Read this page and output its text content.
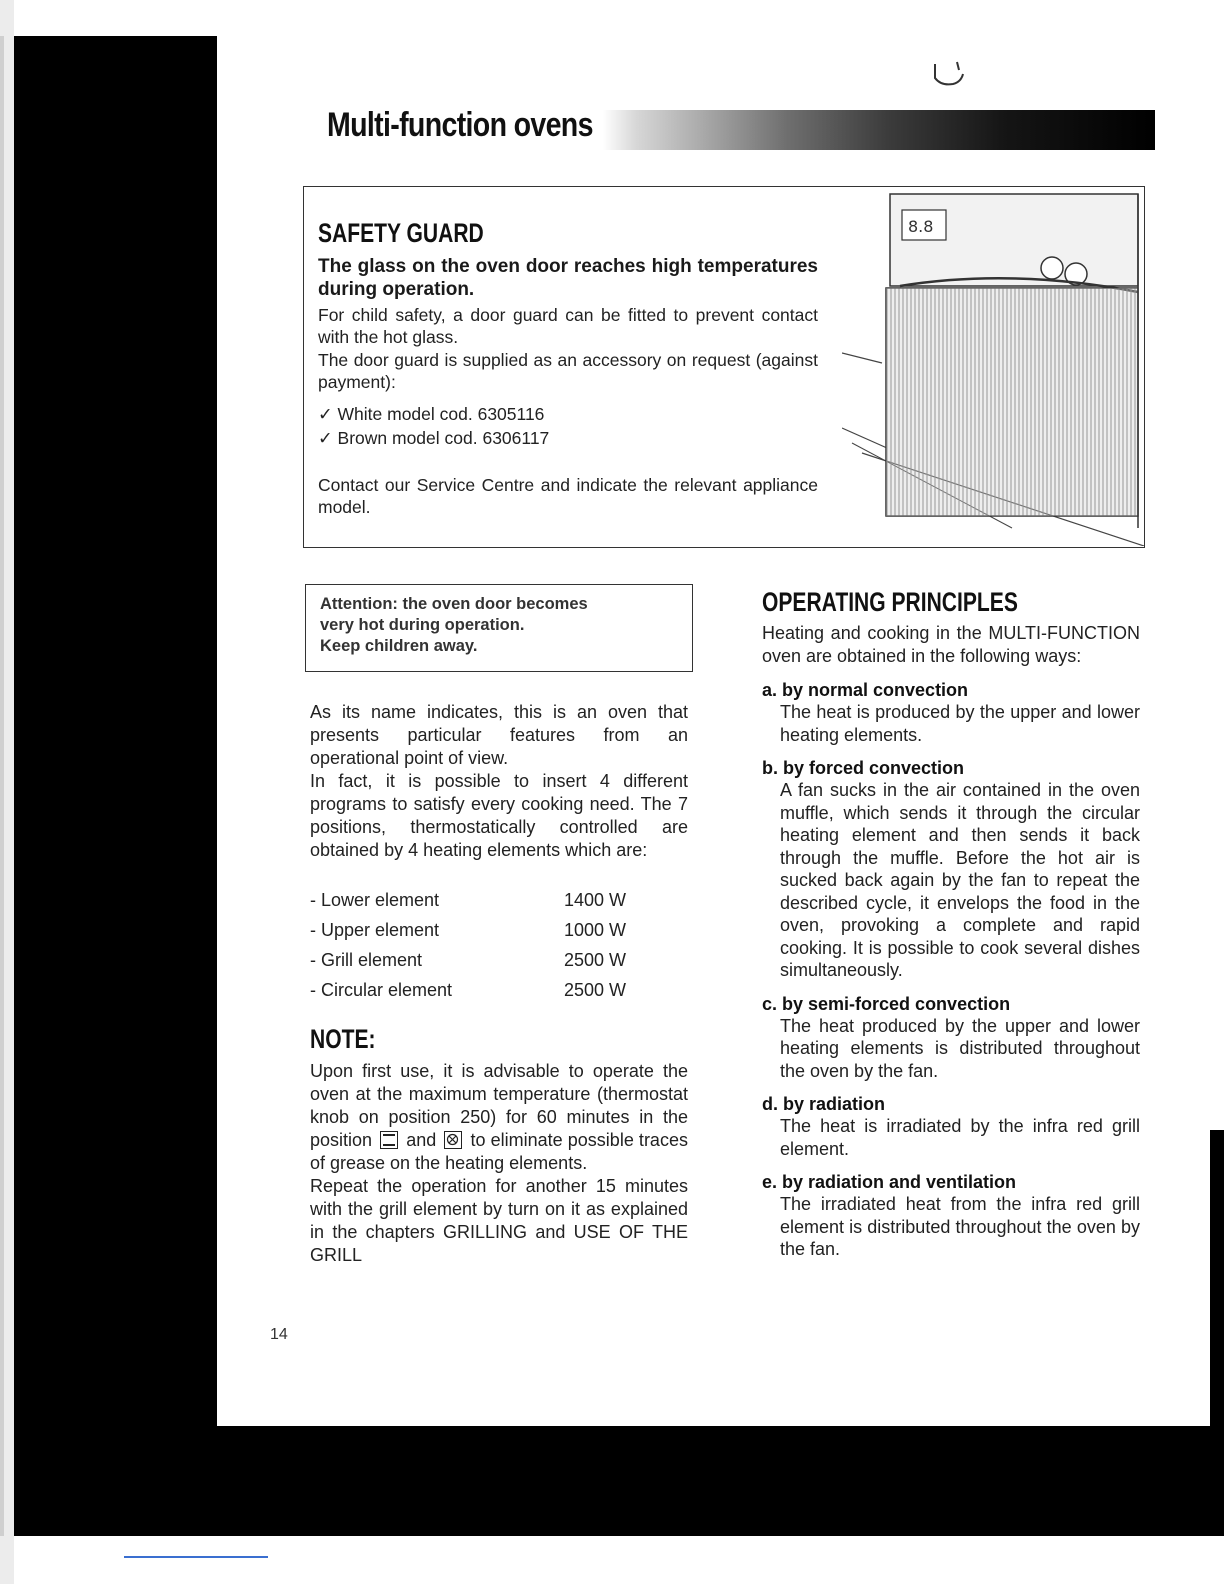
Multi-function ovens
SAFETY GUARD
The glass on the oven door reaches high temperatures during operation.
For child safety, a door guard can be fitted to prevent contact with the hot glass.
The door guard is supplied as an accessory on request (against payment):
✓ White model cod. 6305116
✓ Brown model cod. 6306117
Contact our Service Centre and indicate the relevant appliance model.
8.8
Attention: the oven door becomes
very hot during operation.
Keep children away.

As its name indicates, this is an oven that presents particular features from an operational point of view.

In fact, it is possible to insert 4 different programs to satisfy every cooking need. The 7 positions, thermostatically controlled are obtained by 4 heating elements which are:

- Lower element	1400 W
- Upper element	1000 W
- Grill element	2500 W
- Circular element	2500 W
NOTE:

Upon first use, it is advisable to operate the oven at the maximum temperature (thermostat knob on position 250) for 60 minutes in the position and to eliminate possible traces of grease on the heating elements.

Repeat the operation for another 15 minutes with the grill element by turn on it as explained in the chapters GRILLING and USE OF THE GRILL

14
OPERATING PRINCIPLES

Heating and cooking in the MULTI-FUNCTION oven are obtained in the following ways:

a. by normal convection

The heat is produced by the upper and lower heating elements.

b. by forced convection

A fan sucks in the air contained in the oven muffle, which sends it through the circular heating element and then sends it back through the muffle. Before the hot air is sucked back again by the fan to repeat the described cycle, it envelops the food in the oven, provoking a complete and rapid cooking. It is possible to cook several dishes simultaneously.

c. by semi-forced convection

The heat produced by the upper and lower heating elements is distributed throughout the oven by the fan.

d. by radiation

The heat is irradiated by the infra red grill element.

e. by radiation and ventilation

The irradiated heat from the infra red grill element is distributed throughout the oven by the fan.
